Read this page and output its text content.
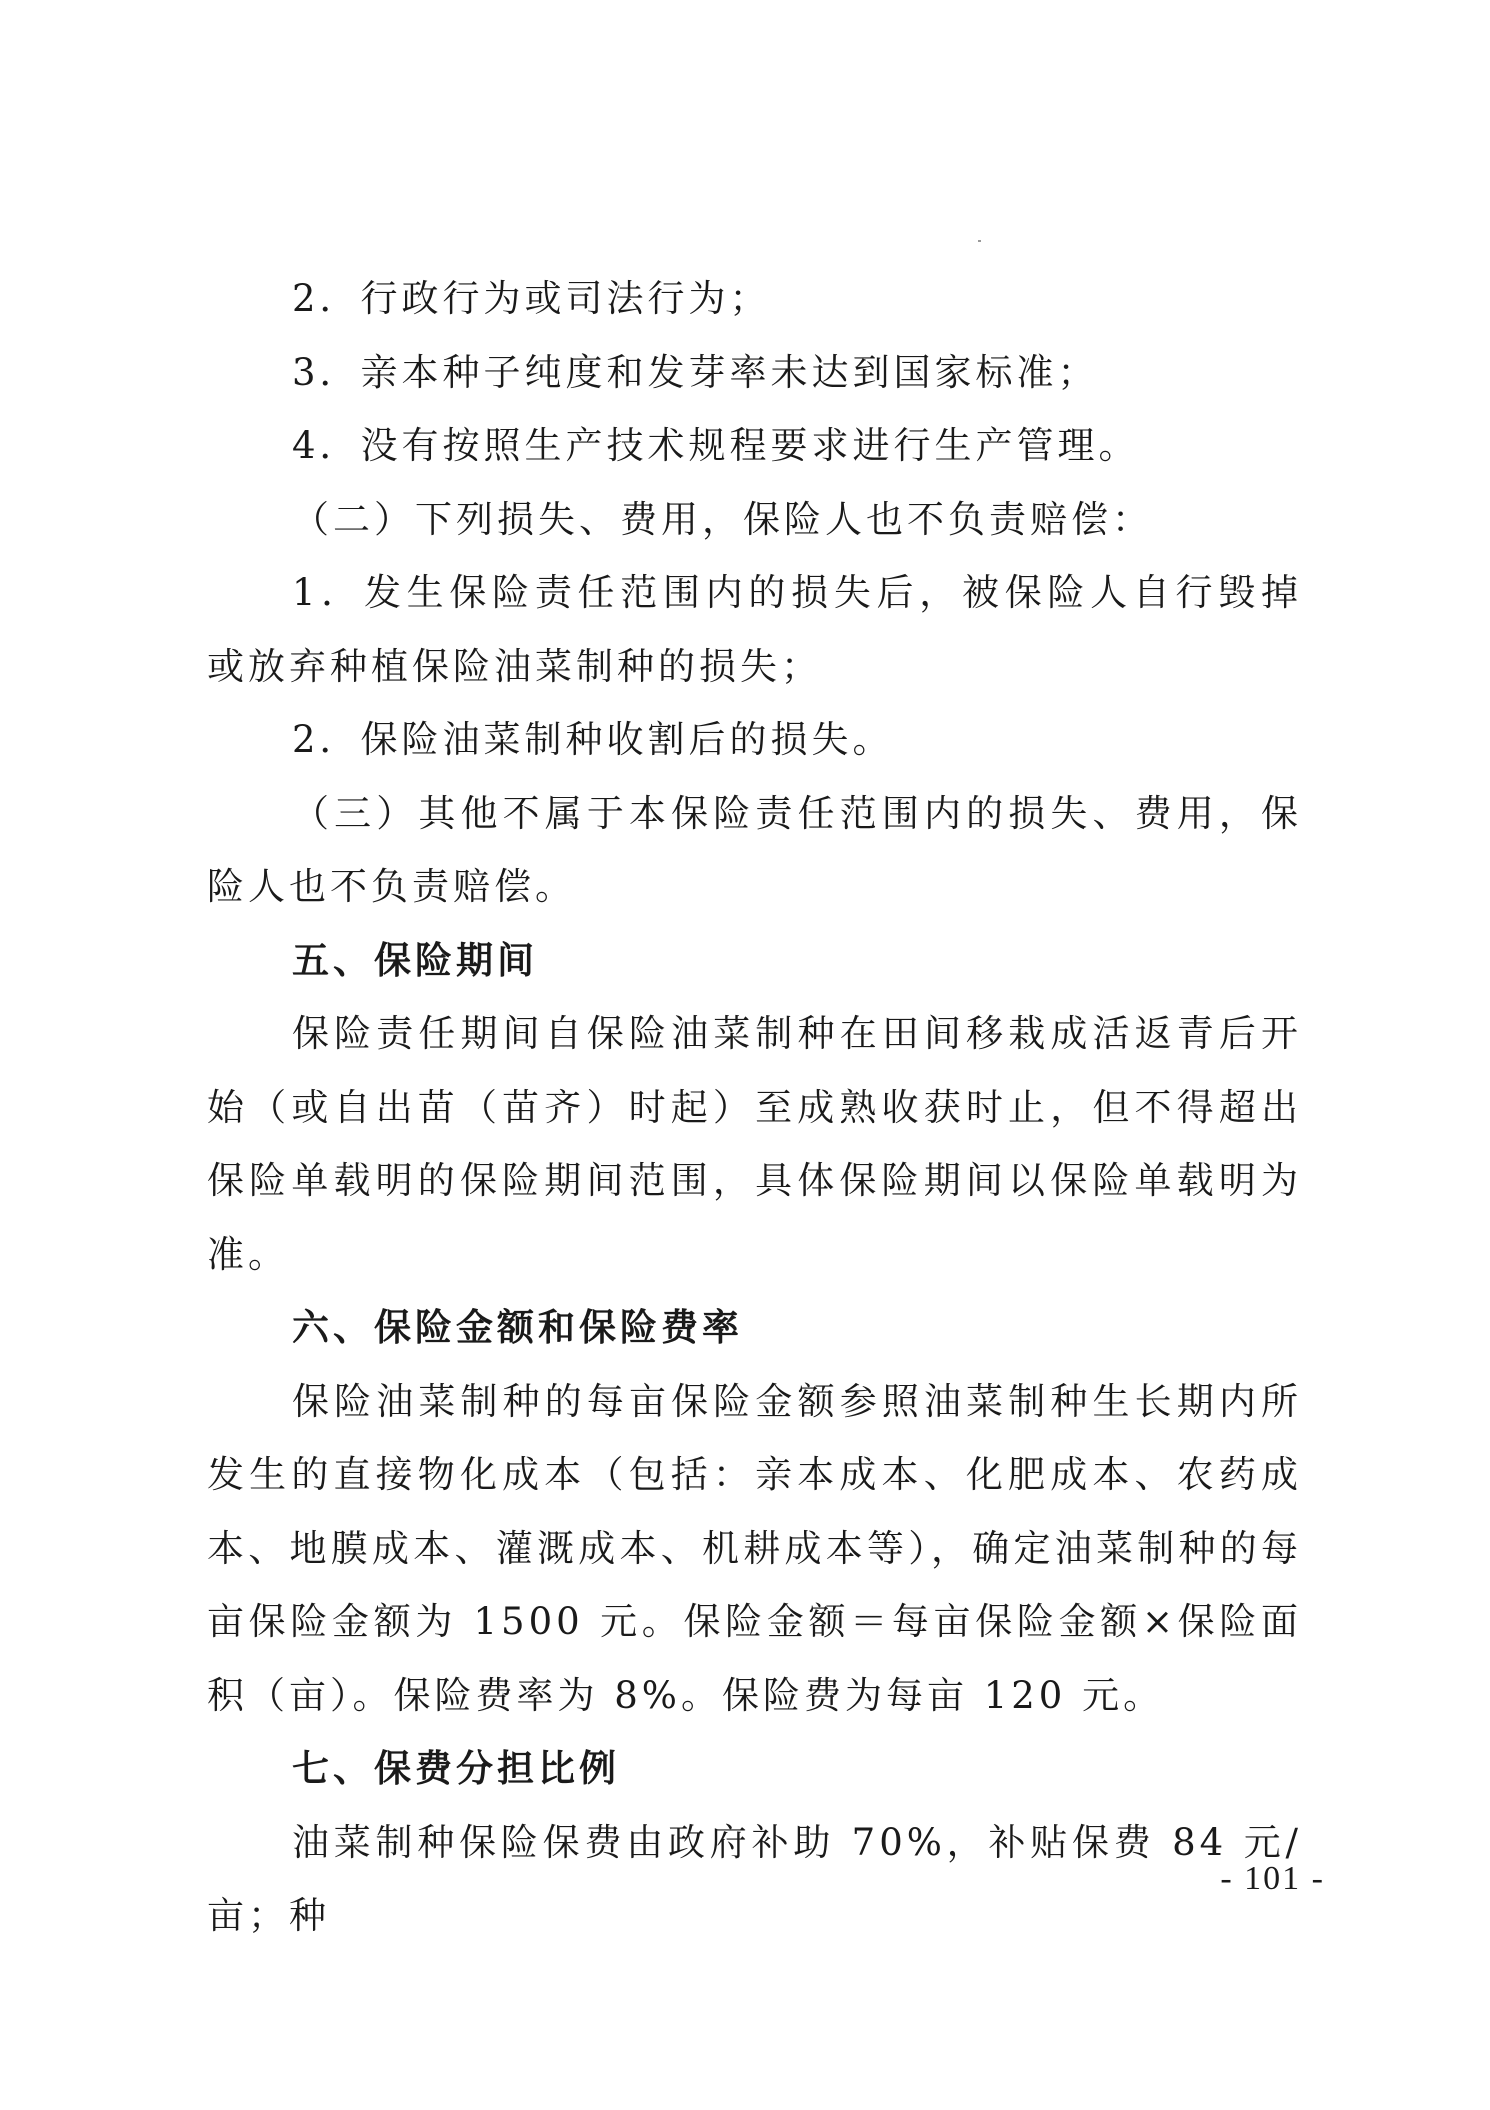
2．行政行为或司法行为；

3．亲本种子纯度和发芽率未达到国家标准；

4．没有按照生产技术规程要求进行生产管理。

（二）下列损失、费用，保险人也不负责赔偿：

1．发生保险责任范围内的损失后，被保险人自行毁掉或放弃种植保险油菜制种的损失；

2．保险油菜制种收割后的损失。

（三）其他不属于本保险责任范围内的损失、费用，保险人也不负责赔偿。

五、保险期间

保险责任期间自保险油菜制种在田间移栽成活返青后开始（或自出苗（苗齐）时起）至成熟收获时止，但不得超出保险单载明的保险期间范围，具体保险期间以保险单载明为准。

六、保险金额和保险费率

保险油菜制种的每亩保险金额参照油菜制种生长期内所发生的直接物化成本（包括：亲本成本、化肥成本、农药成本、地膜成本、灌溉成本、机耕成本等），确定油菜制种的每亩保险金额为 1500 元。保险金额＝每亩保险金额×保险面积（亩）。保险费率为 8%。保险费为每亩 120 元。

七、保费分担比例

油菜制种保险保费由政府补助 70%，补贴保费 84 元/亩；种

- 101 -
